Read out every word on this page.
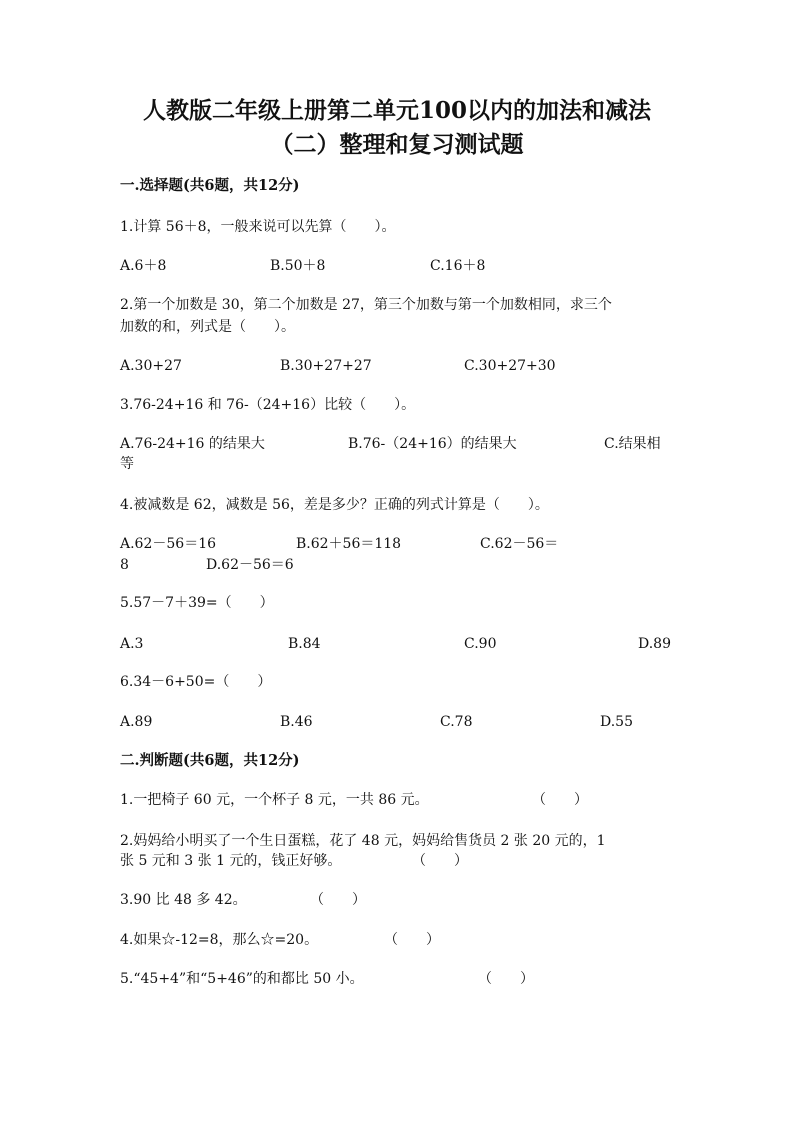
人教版二年级上册第二单元100以内的加法和减法
（二）整理和复习测试题
一.选择题(共6题，共12分)
1.计算 56＋8，一般来说可以先算（　　）。
A.6＋8	B.50＋8	C.16＋8
2.第一个加数是 30，第二个加数是 27，第三个加数与第一个加数相同，求三个
加数的和，列式是（　　）。
A.30+27	B.30+27+27	C.30+27+30
3.76-24+16 和 76-（24+16）比较（　　）。
A.76-24+16 的结果大	B.76-（24+16）的结果大	C.结果相
等
4.被减数是 62，减数是 56，差是多少？正确的列式计算是（　　）。
A.62－56＝16	B.62＋56＝118	C.62－56＝
8	D.62－56＝6
5.57－7＋39=（　　）
A.3	B.84	C.90	D.89
6.34－6+50=（　　）
A.89	B.46	C.78	D.55
二.判断题(共6题，共12分)
1.一把椅子 60 元，一个杯子 8 元，一共 86 元。	（　　）
2.妈妈给小明买了一个生日蛋糕，花了 48 元，妈妈给售货员 2 张 20 元的，1
张 5 元和 3 张 1 元的，钱正好够。	（　　）
3.90 比 48 多 42。	（　　）
4.如果☆-12=8，那么☆=20。	（　　）
5.“45+4”和“5+46”的和都比 50 小。	（　　）
